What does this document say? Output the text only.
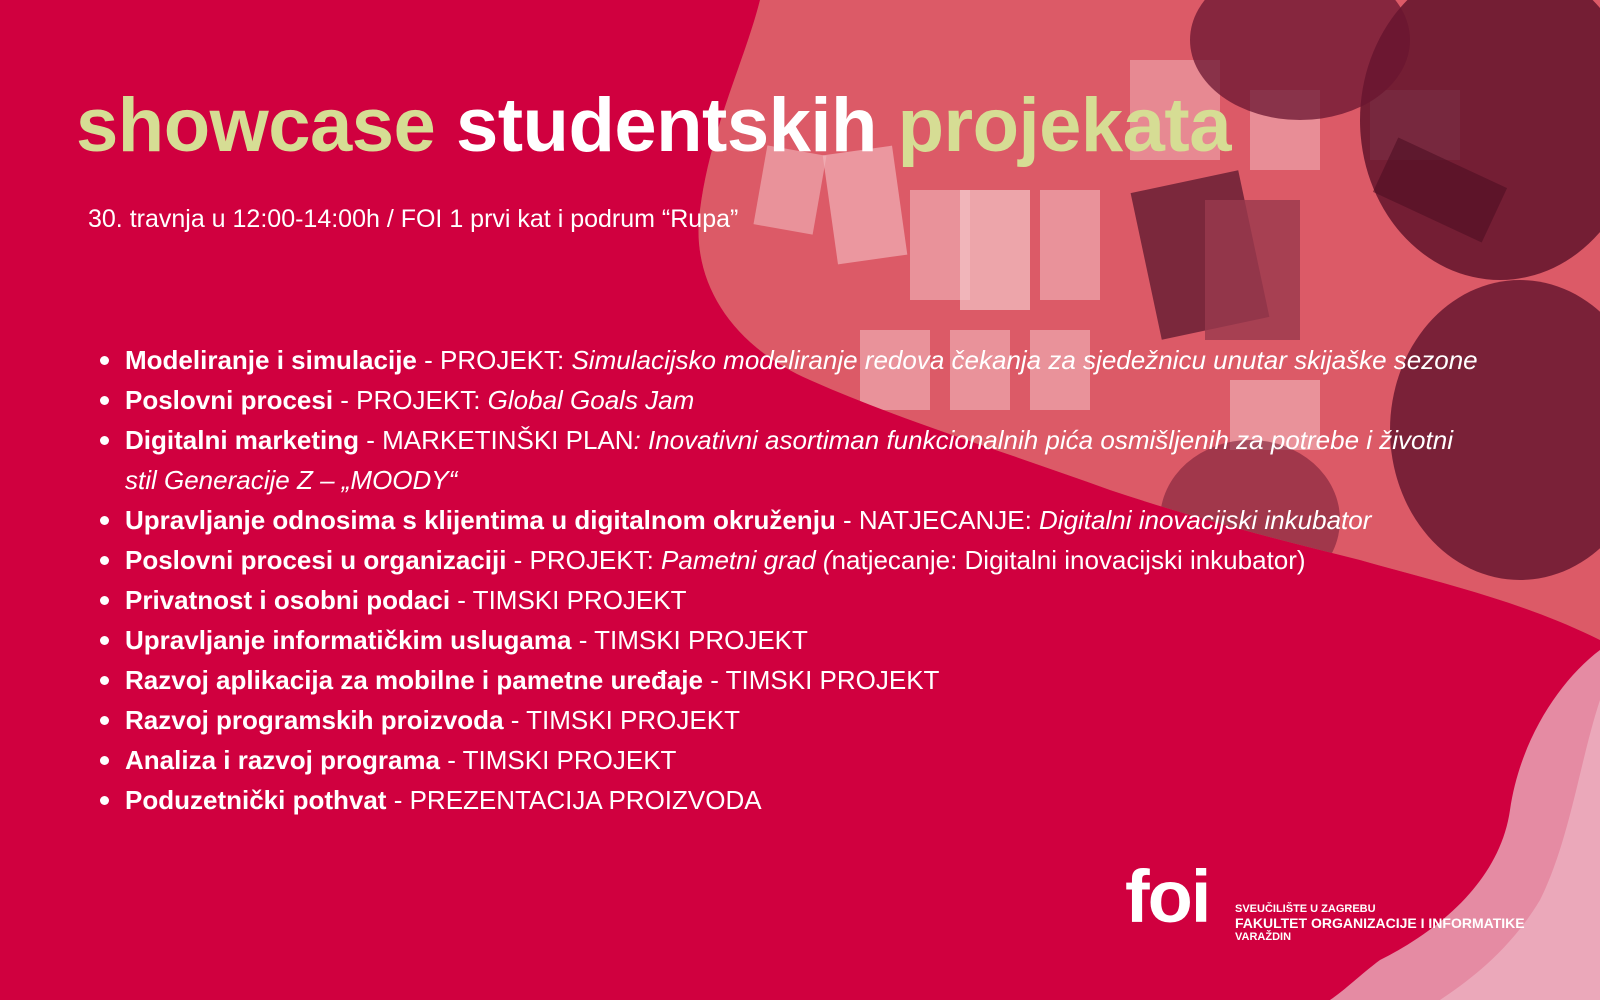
showcase studentskih projekata
30. travnja u 12:00-14:00h / FOI 1 prvi kat i podrum “Rupa”
Modeliranje i simulacije - PROJEKT: Simulacijsko modeliranje redova čekanja za sjedežnicu unutar skijaške sezone
Poslovni procesi - PROJEKT: Global Goals Jam
Digitalni marketing - MARKETINŠKI PLAN: Inovativni asortiman funkcionalnih pića osmišljenih za potrebe i životni stil Generacije Z – „MOODY“
Upravljanje odnosima s klijentima u digitalnom okruženju - NATJECANJE: Digitalni inovacijski inkubator
Poslovni procesi u organizaciji - PROJEKT: Pametni grad (natjecanje: Digitalni inovacijski inkubator)
Privatnost i osobni podaci - TIMSKI PROJEKT
Upravljanje informatičkim uslugama - TIMSKI PROJEKT
Razvoj aplikacija za mobilne i pametne uređaje - TIMSKI PROJEKT
Razvoj programskih proizvoda - TIMSKI PROJEKT
Analiza i razvoj programa - TIMSKI PROJEKT
Poduzetnički pothvat - PREZENTACIJA PROIZVODA
foi SVEUČILIŠTE U ZAGREBU
FAKULTET ORGANIZACIJE I INFORMATIKE
VARAŽDIN
